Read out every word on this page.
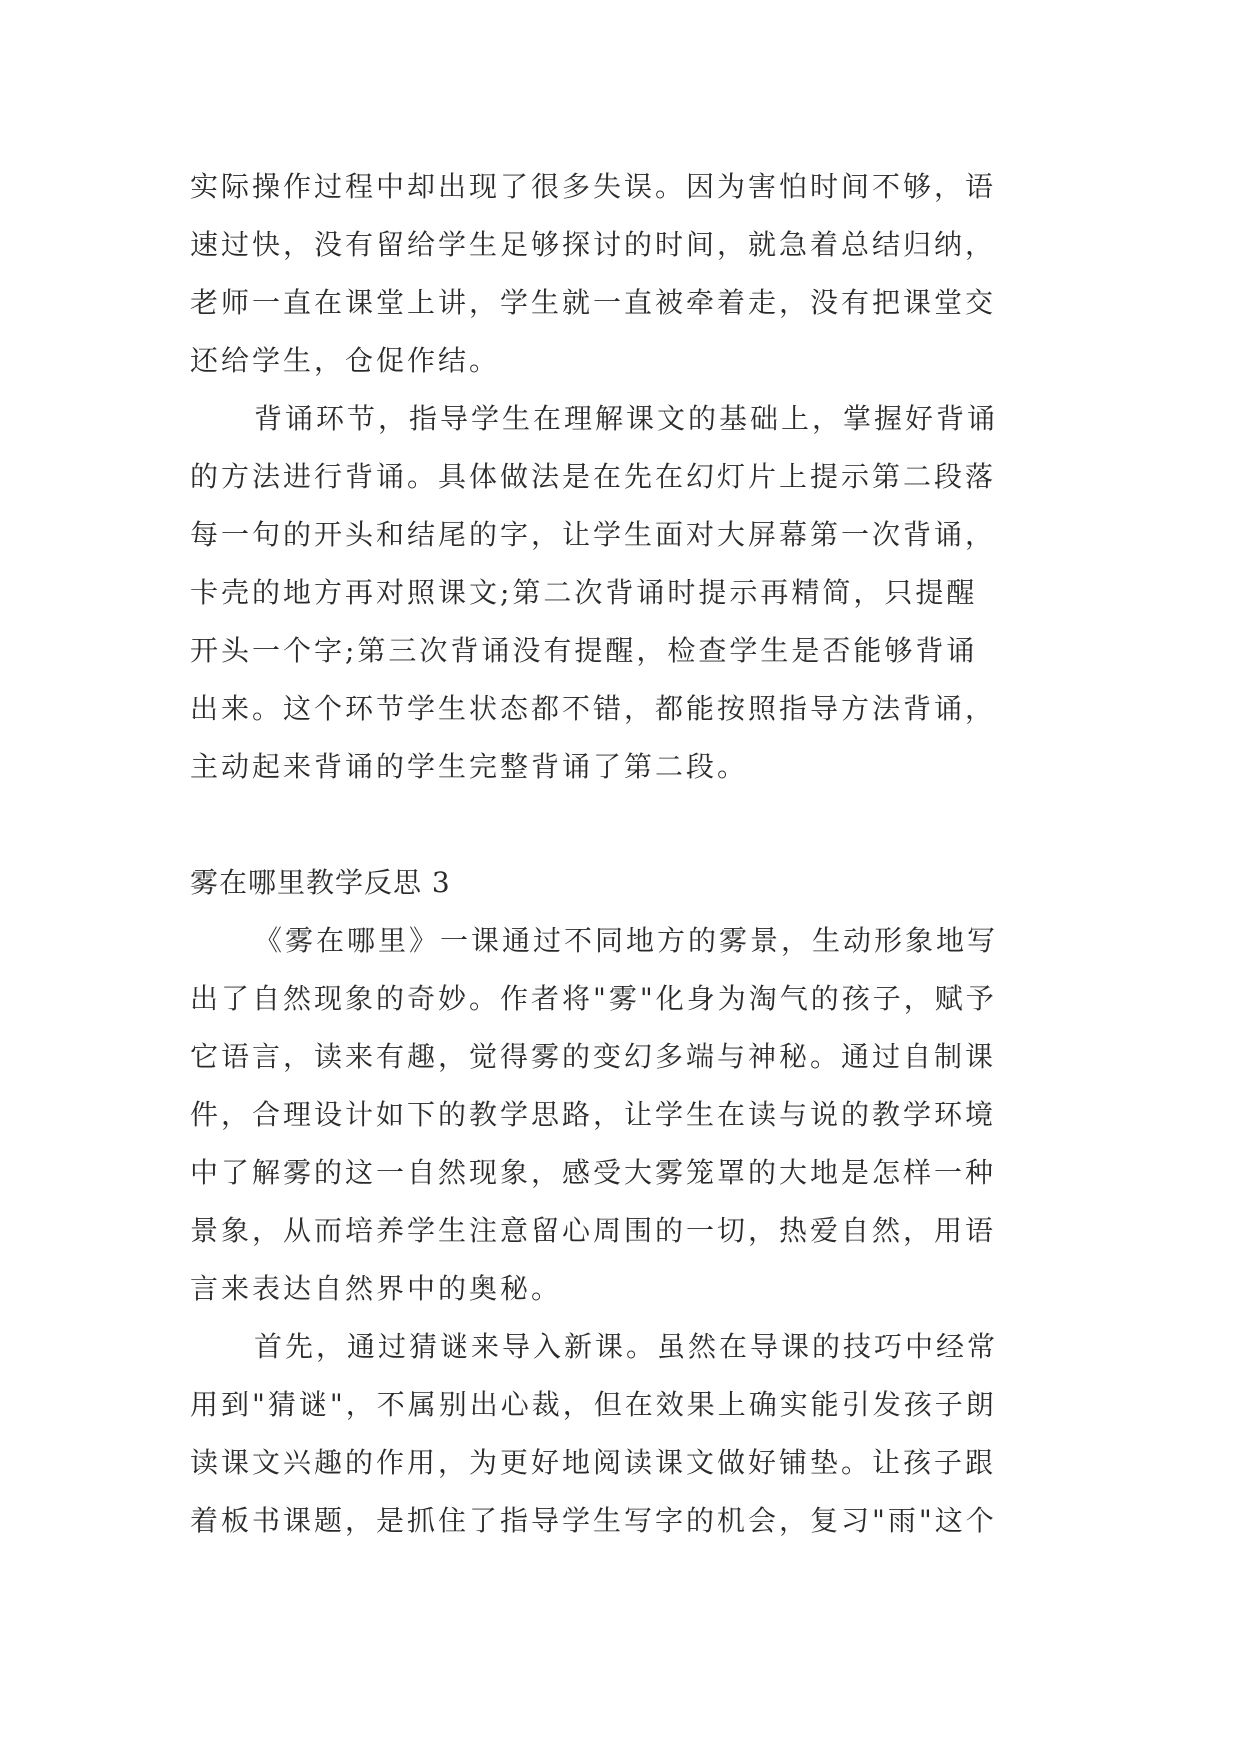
实际操作过程中却出现了很多失误。因为害怕时间不够，语
速过快，没有留给学生足够探讨的时间，就急着总结归纳，
老师一直在课堂上讲，学生就一直被牵着走，没有把课堂交
还给学生，仓促作结。
背诵环节，指导学生在理解课文的基础上，掌握好背诵
的方法进行背诵。具体做法是在先在幻灯片上提示第二段落
每一句的开头和结尾的字，让学生面对大屏幕第一次背诵，
卡壳的地方再对照课文;第二次背诵时提示再精简，只提醒
开头一个字;第三次背诵没有提醒，检查学生是否能够背诵
出来。这个环节学生状态都不错，都能按照指导方法背诵，
主动起来背诵的学生完整背诵了第二段。
雾在哪里教学反思 3
《雾在哪里》一课通过不同地方的雾景，生动形象地写
出了自然现象的奇妙。作者将"雾"化身为淘气的孩子，赋予
它语言，读来有趣，觉得雾的变幻多端与神秘。通过自制课
件，合理设计如下的教学思路，让学生在读与说的教学环境
中了解雾的这一自然现象，感受大雾笼罩的大地是怎样一种
景象，从而培养学生注意留心周围的一切，热爱自然，用语
言来表达自然界中的奥秘。
首先，通过猜谜来导入新课。虽然在导课的技巧中经常
用到"猜谜"，不属别出心裁，但在效果上确实能引发孩子朗
读课文兴趣的作用，为更好地阅读课文做好铺垫。让孩子跟
着板书课题，是抓住了指导学生写字的机会，复习"雨"这个
